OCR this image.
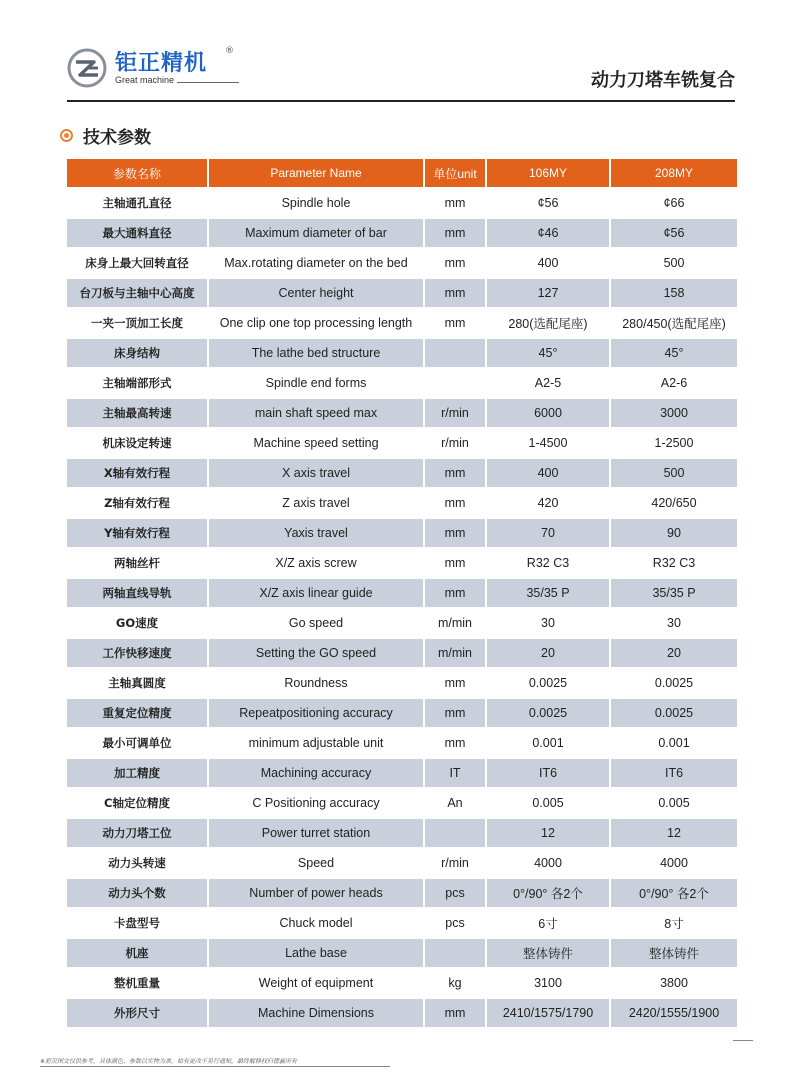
钜正精机 ®
Great machine	动力刀塔车铣复合
技术参数
参数名称	Parameter Name	单位unit	106MY	208MY
主轴通孔直径	Spindle hole	mm	¢56	¢66
最大通料直径	Maximum diameter of bar	mm	¢46	¢56
床身上最大回转直径	Max.rotating diameter on the bed	mm	400	500
台刀板与主轴中心高度	Center height	mm	127	158
一夹一顶加工长度	One clip one top processing length	mm	280(选配尾座)	280/450(选配尾座)
床身结构	The lathe bed structure		45°	45°
主轴端部形式	Spindle end forms		A2-5	A2-6
主轴最高转速	main shaft speed max	r/min	6000	3000
机床设定转速	Machine speed setting	r/min	1-4500	1-2500
X轴有效行程	X axis travel	mm	400	500
Z轴有效行程	Z axis travel	mm	420	420/650
Y轴有效行程	Yaxis travel	mm	70	90
两轴丝杆	X/Z axis screw	mm	R32 C3	R32 C3
两轴直线导轨	X/Z axis linear guide	mm	35/35 P	35/35 P
GO速度	Go speed	m/min	30	30
工作快移速度	Setting the GO speed	m/min	20	20
主轴真圆度	Roundness	mm	0.0025	0.0025
重复定位精度	Repeatpositioning accuracy	mm	0.0025	0.0025
最小可调单位	minimum adjustable unit	mm	0.001	0.001
加工精度	Machining accuracy	IT	IT6	IT6
C轴定位精度	C Positioning accuracy	An	0.005	0.005
动力刀塔工位	Power turret station		12	12
动力头转速	Speed	r/min	4000	4000
动力头个数	Number of power heads	pcs	0°/90° 各2个	0°/90° 各2个
卡盘型号	Chuck model	pcs	6寸	8寸
机座	Lathe base		整体铸件	整体铸件
整机重量	Weight of equipment	kg	3100	3800
外形尺寸	Machine Dimensions	mm	2410/1575/1790	2420/1555/1900
※彩页图文仅供参考，具体颜色、参数以实物为准，如有更改不另行通知，最终解释权归德赢所有
